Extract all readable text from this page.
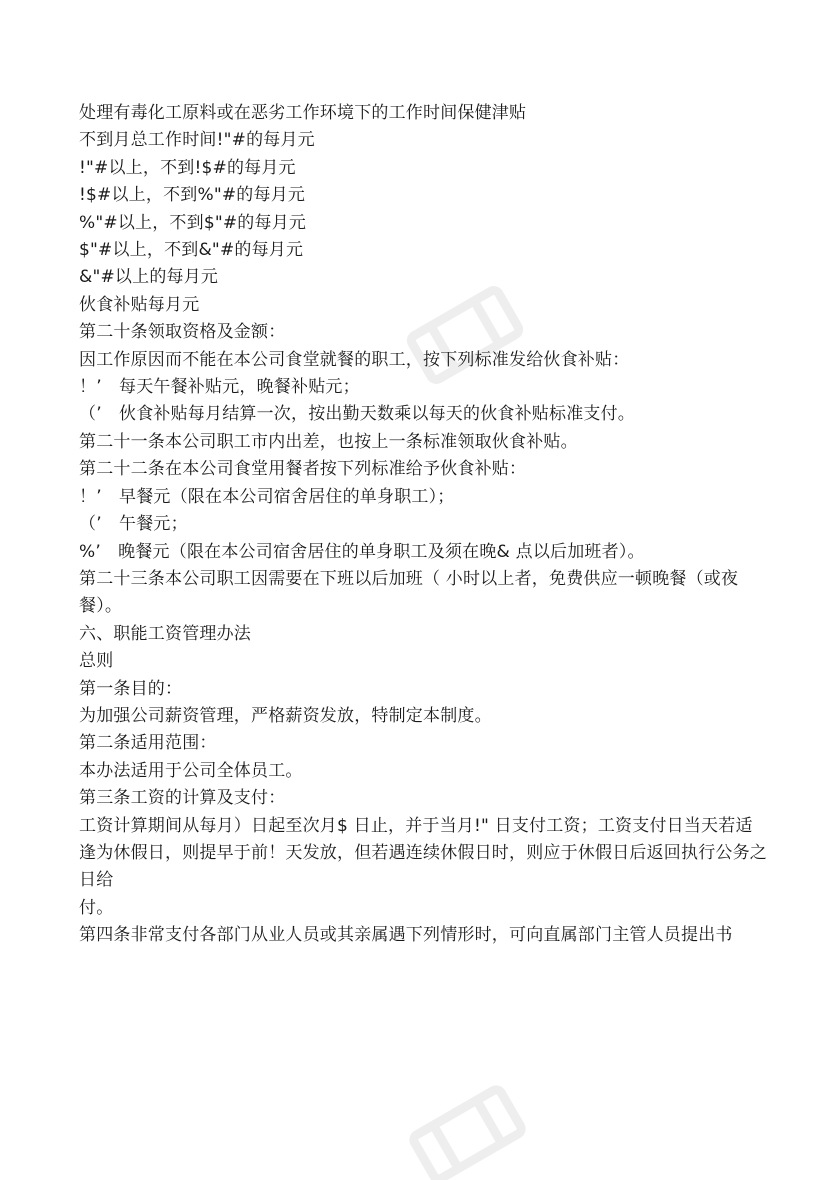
处理有毒化工原料或在恶劣工作环境下的工作时间保健津贴
不到月总工作时间!"#的每月元
!"#以上，不到!$#的每月元
!$#以上，不到%"#的每月元
%"#以上，不到$"#的每月元
$"#以上，不到&"#的每月元
&"#以上的每月元
伙食补贴每月元
第二十条领取资格及金额：
因工作原因而不能在本公司食堂就餐的职工，按下列标准发给伙食补贴：
！’　每天午餐补贴元，晚餐补贴元；
（’　伙食补贴每月结算一次，按出勤天数乘以每天的伙食补贴标准支付。
第二十一条本公司职工市内出差，也按上一条标准领取伙食补贴。
第二十二条在本公司食堂用餐者按下列标准给予伙食补贴：
！’　早餐元（限在本公司宿舍居住的单身职工）；
（’　午餐元；
%’　晚餐元（限在本公司宿舍居住的单身职工及须在晚& 点以后加班者）。
第二十三条本公司职工因需要在下班以后加班（ 小时以上者，免费供应一顿晚餐（或夜
餐）。
六、职能工资管理办法
总则
第一条目的：
为加强公司薪资管理，严格薪资发放，特制定本制度。
第二条适用范围：
本办法适用于公司全体员工。
第三条工资的计算及支付：
工资计算期间从每月）日起至次月$ 日止，并于当月!" 日支付工资；工资支付日当天若适
逢为休假日，则提早于前！天发放，但若遇连续休假日时，则应于休假日后返回执行公务之日给
付。
第四条非常支付各部门从业人员或其亲属遇下列情形时，可向直属部门主管人员提出书
